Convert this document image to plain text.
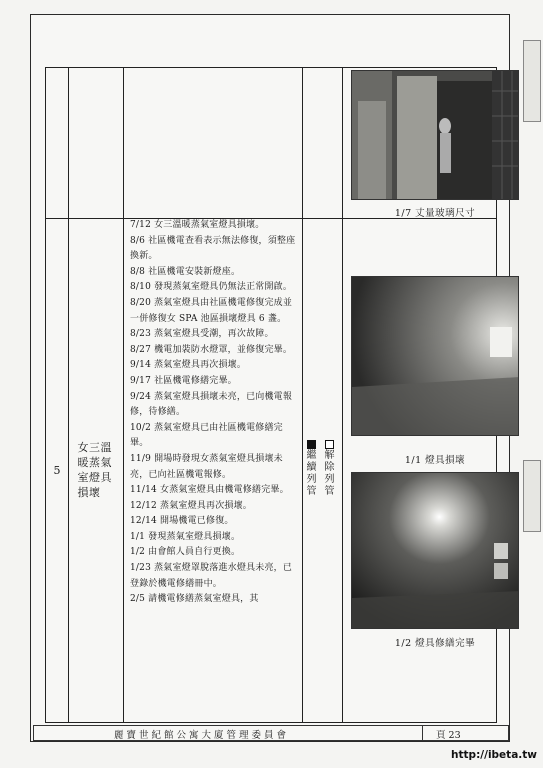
5
女三溫暖蒸氣室燈具損壞
7/12 女三溫暖蒸氣室燈具損壞。
8/6 社區機電查看表示無法修復，須整座換新。
8/8 社區機電安裝新燈座。
8/10 發現蒸氣室燈具仍無法正常開啟。
8/20 蒸氣室燈具由社區機電修復完成並一併修復女 SPA 池區損壞燈具 6 盞。
8/23 蒸氣室燈具受潮，再次故障。
8/27 機電加裝防水燈罩，並修復完畢。
9/14 蒸氣室燈具再次損壞。
9/17 社區機電修繕完畢。
9/24 蒸氣室燈具損壞未亮，已向機電報修，待修繕。
10/2 蒸氣室燈具已由社區機電修繕完畢。
11/9 開場時發現女蒸氣室燈具損壞未亮，已向社區機電報修。
11/14 女蒸氣室燈具由機電修繕完畢。
12/12 蒸氣室燈具再次損壞。
12/14 開場機電已修復。
1/1 發現蒸氣室燈具損壞。
1/2 由會館人員自行更換。
1/23 蒸氣室燈罩脫落進水燈具未亮，已登錄於機電修繕冊中。
2/5 請機電修繕蒸氣室燈具，其
繼續列管
解除列管
1/7 丈量玻璃尺寸
1/1 燈具損壞
1/2 燈具修繕完畢
麗寶世紀館公寓大廈管理委員會	頁 23
http://ibeta.tw
